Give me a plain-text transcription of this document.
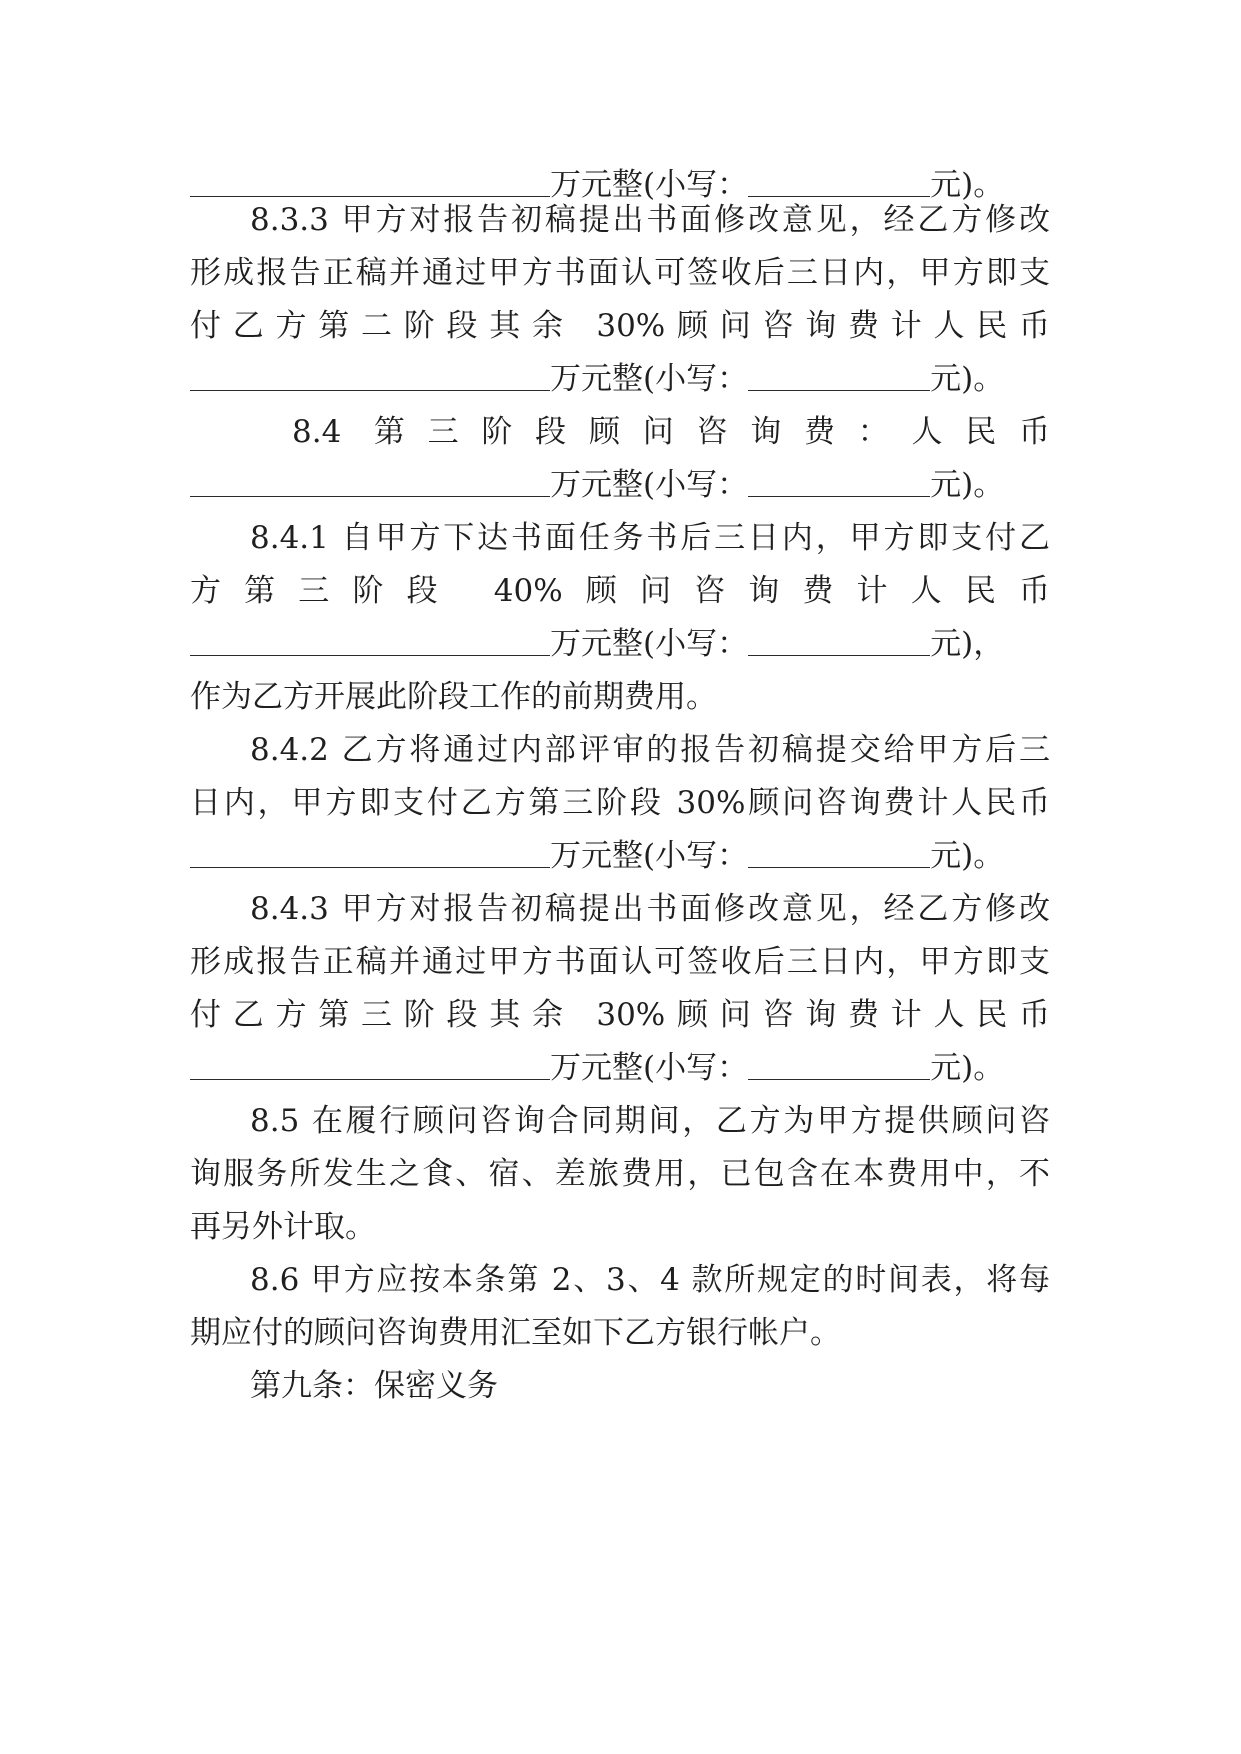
万元整(小写：	元)。
8.3.3 甲方对报告初稿提出书面修改意见，经乙方修改
形成报告正稿并通过甲方书面认可签收后三日内，甲方即支
付乙方第二阶段其余 30%顾问咨询费计人民币
万元整(小写：	元)。
8.4 第三阶段顾问咨询费：人民币
万元整(小写：	元)。
8.4.1 自甲方下达书面任务书后三日内，甲方即支付乙
方第三阶段 40%顾问咨询费计人民币
万元整(小写：	元)，
作为乙方开展此阶段工作的前期费用。
8.4.2 乙方将通过内部评审的报告初稿提交给甲方后三
日内，甲方即支付乙方第三阶段 30%顾问咨询费计人民币
万元整(小写：	元)。
8.4.3 甲方对报告初稿提出书面修改意见，经乙方修改
形成报告正稿并通过甲方书面认可签收后三日内，甲方即支
付乙方第三阶段其余 30%顾问咨询费计人民币
万元整(小写：	元)。
8.5 在履行顾问咨询合同期间，乙方为甲方提供顾问咨
询服务所发生之食、宿、差旅费用，已包含在本费用中，不
再另外计取。
8.6 甲方应按本条第 2、3、4 款所规定的时间表，将每
期应付的顾问咨询费用汇至如下乙方银行帐户。
第九条：保密义务
